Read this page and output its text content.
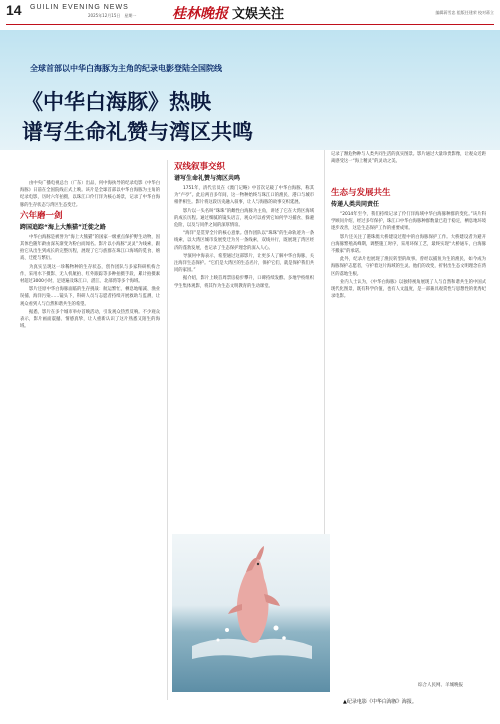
14 GUILIN EVENING NEWS
2025年12月15日　星期一	桂林晚报 文娱关注	编辑蒋雪忠 组版任建荣 校对蒋立
全球首部以中华白海豚为主角的纪录电影登陆全国院线
《中华白海豚》热映
谱写生命礼赞与湾区共鸣

由中央广播电视总台（广东）出品，何中海执导的纪录电影《中华白海豚》日前在全国院线正式上映。该片是全球首部以中华白海豚为主角的纪录电影，历时六年拍摄，以珠江口伶仃洋为核心场景，记录了中华白海豚的生存状态与湾区生态变迁。

六年磨一剑
跨国追踪“海上大熊猫”迁徙之路

中华白海豚是被誉为“海上大熊猫”的国家一级重点保护野生动物，因其体色随年龄由深灰渐变为粉白而闻名。影片以小海豚“灵灵”为线索，跟拍它从出生到成长的完整历程，展现了它与族群在珠江口海域的觅食、嬉戏、迁徙与繁衍。

为真实呈现这一珍稀物种的生存状态，创作团队与多家科研机构合作，采用水下摄影、无人机航拍、红外跟踪等多种拍摄手段，累计拍摄素材超过3000小时，足迹遍及珠江口、湛江、北部湾等多个海域。

影片还原中华白海豚面临的生存挑战：航运繁忙、栖息地缩减、渔业误捕、海洋污染……镜头下，科研人员与志愿者持续开展救助与监测，让观众看到人与自然和谐共生的希望。

据悉，影片在多个城市举办首映活动，引发观众热烈反响。不少观众表示，影片画面震撼、情感真挚，让人重新认识了这片熟悉又陌生的海域。

双线叙事交织
谱写生命礼赞与湾区共鸣

1751年，清代官员在《澳门记略》中首次记载了中华白海豚，称其为“卢亭”。此后两百多年间，这一物种始终与珠江口的渔民、港口与城市相伴相生。影片将这段历史融入叙事，让人与海豚的故事交织延展。

影片以一头名叫“珠珠”的雌性白海豚为主角，讲述了它在大湾区海域的成长历程。通过细腻的镜头语言，观众可以看到它如何学习捕食、躲避危险，以及与同伴之间的深厚情谊。

“海洋”是贯穿全片的核心意象。创作团队以“珠珠”的生命轨迹为一条线索，以大湾区城市发展变迁为另一条线索，双线并行，既展现了湾区经济的蓬勃发展，也记录了生态保护理念的深入人心。

导演何中海表示，希望通过这部影片，让更多人了解中华白海豚，关注海洋生态保护。“它们是大湾区的生态名片，保护它们，就是保护我们共同的家园。”

据介绍，影片上映首周票房稳步攀升，口碑持续发酵。多地学校组织学生集体观影，将其作为生态文明教育的生动课堂。

记录了濒危物种与人类共同生活的真实图景。影片通过大量珍贵影像，让观众近距离感受这一“海上精灵”的灵动之美。

生态与发展共生
传递人类共同责任

“2014年至今，我们持续记录了伶仃洋海域中华白海豚种群的变化。”该片科学顾问介绍，经过多年保护，珠江口中华白海豚种群数量已趋于稳定，栖息地环境逐步改善，这是生态保护工作的重要成果。

影片还关注了港珠澳大桥建设过程中的白海豚保护工作。大桥建设者为避开白海豚繁殖高峰期，调整施工时序，采用环保工艺，最终实现“大桥通车，白海豚不搬家”的承诺。

此外，纪录片也展现了渔民转型的故事。曾经以捕鱼为生的渔民，如今成为海豚保护志愿者，守护着这片海域的生灵。他们的改变，折射出生态文明理念在湾区的落地生根。

业内人士认为，《中华白海豚》以独特视角展现了人与自然和谐共生的中国式现代化图景，既有科学价值，也有人文温度，是一部兼具观赏性与思想性的优秀纪录电影。

综合人民网、羊城晚报
▲纪录电影《中华白海豚》海报。
